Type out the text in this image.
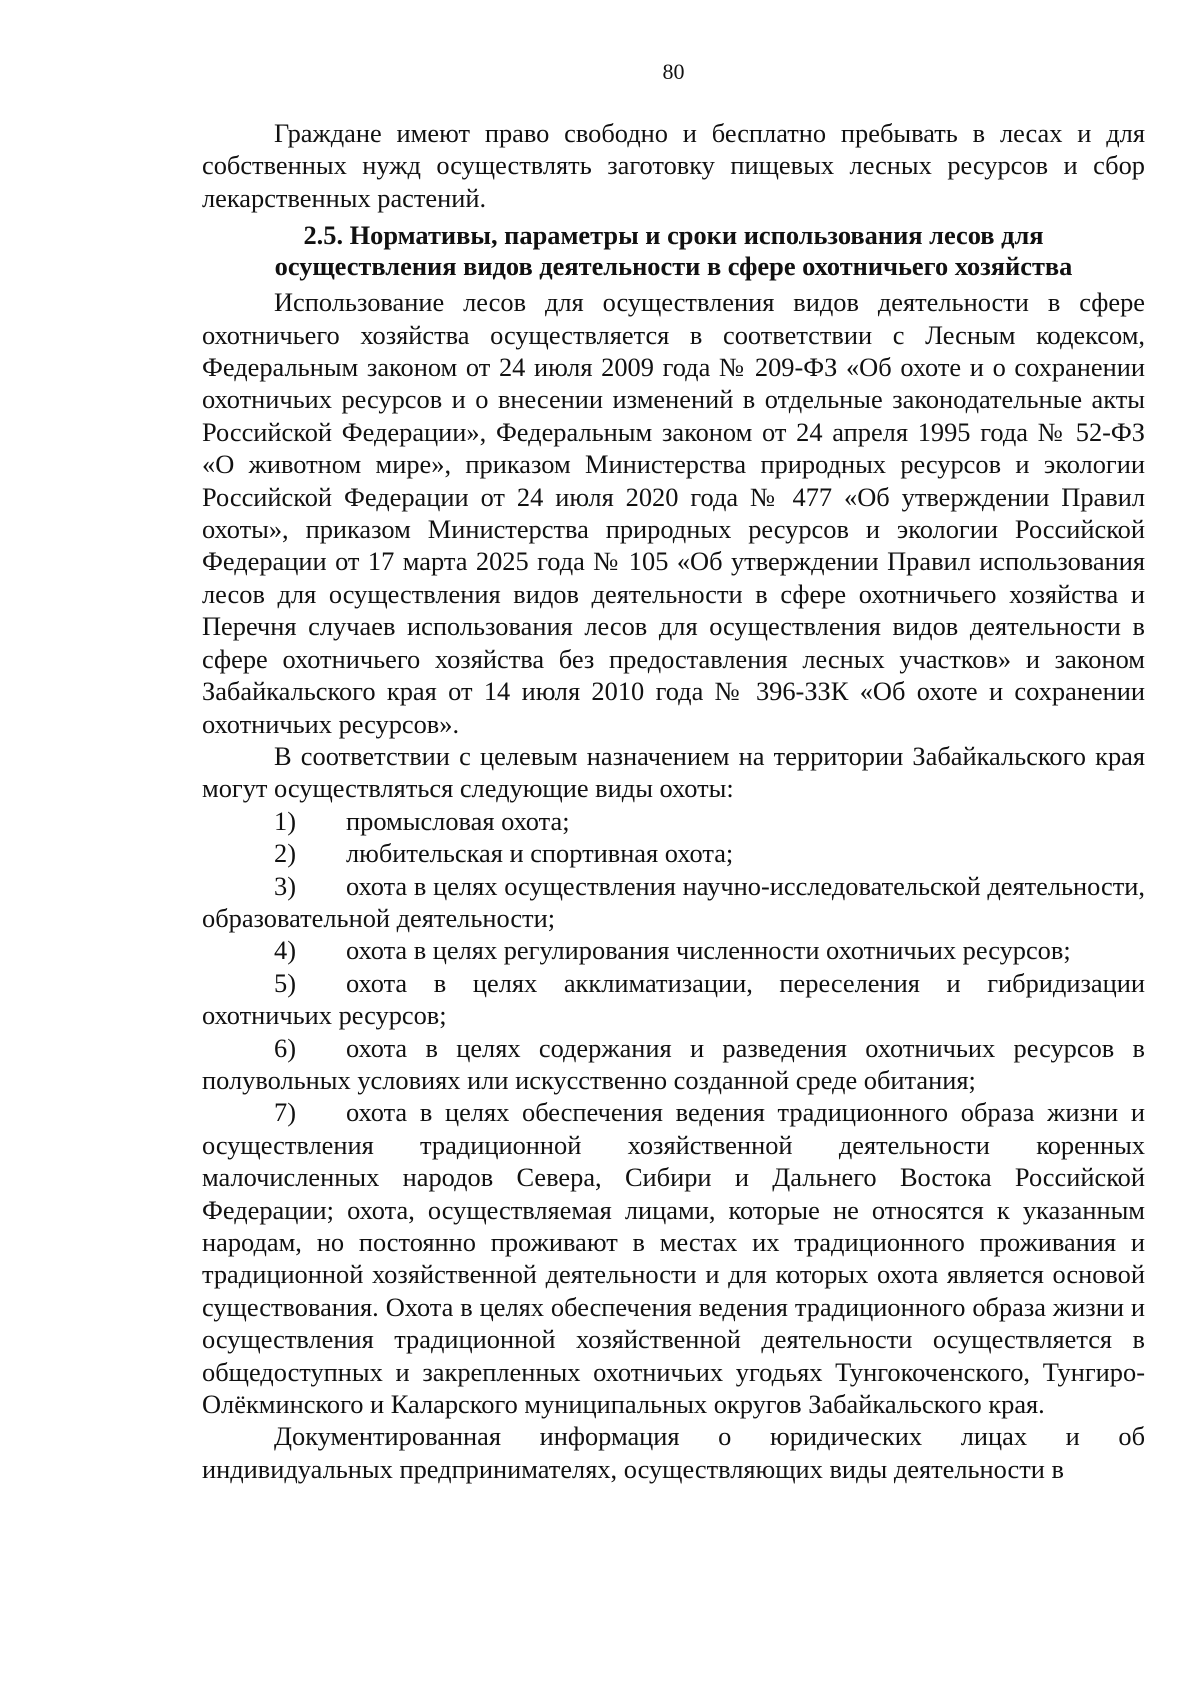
80

Граждане имеют право свободно и бесплатно пребывать в лесах и для собственных нужд осуществлять заготовку пищевых лесных ресурсов и сбор лекарственных растений.

2.5. Нормативы, параметры и сроки использования лесов для
осуществления видов деятельности в сфере охотничьего хозяйства

Использование лесов для осуществления видов деятельности в сфере охотничьего хозяйства осуществляется в соответствии с Лесным кодексом, Федеральным законом от 24 июля 2009 года № 209-ФЗ «Об охоте и о сохранении охотничьих ресурсов и о внесении изменений в отдельные законодательные акты Российской Федерации», Федеральным законом от 24 апреля 1995 года № 52-ФЗ «О животном мире», приказом Министерства природных ресурсов и экологии Российской Федерации от 24 июля 2020 года № 477 «Об утверждении Правил охоты», приказом Министерства природных ресурсов и экологии Российской Федерации от 17 марта 2025 года № 105 «Об утверждении Правил использования лесов для осуществления видов деятельности в сфере охотничьего хозяйства и Перечня случаев использования лесов для осуществления видов деятельности в сфере охотничьего хозяйства без предоставления лесных участков» и законом Забайкальского края от 14 июля 2010 года № 396-ЗЗК «Об охоте и сохранении охотничьих ресурсов».

В соответствии с целевым назначением на территории Забайкальского края могут осуществляться следующие виды охоты:

1) промысловая охота;

2) любительская и спортивная охота;

3) охота в целях осуществления научно-исследовательской деятельности, образовательной деятельности;

4) охота в целях регулирования численности охотничьих ресурсов;

5) охота в целях акклиматизации, переселения и гибридизации охотничьих ресурсов;

6) охота в целях содержания и разведения охотничьих ресурсов в полувольных условиях или искусственно созданной среде обитания;

7) охота в целях обеспечения ведения традиционного образа жизни и осуществления традиционной хозяйственной деятельности коренных малочисленных народов Севера, Сибири и Дальнего Востока Российской Федерации; охота, осуществляемая лицами, которые не относятся к указанным народам, но постоянно проживают в местах их традиционного проживания и традиционной хозяйственной деятельности и для которых охота является основой существования. Охота в целях обеспечения ведения традиционного образа жизни и осуществления традиционной хозяйственной деятельности осуществляется в общедоступных и закрепленных охотничьих угодьях Тунгокоченского, Тунгиро-Олёкминского и Каларского муниципальных округов Забайкальского края.

Документированная информация о юридических лицах и об индивидуальных предпринимателях, осуществляющих виды деятельности в
